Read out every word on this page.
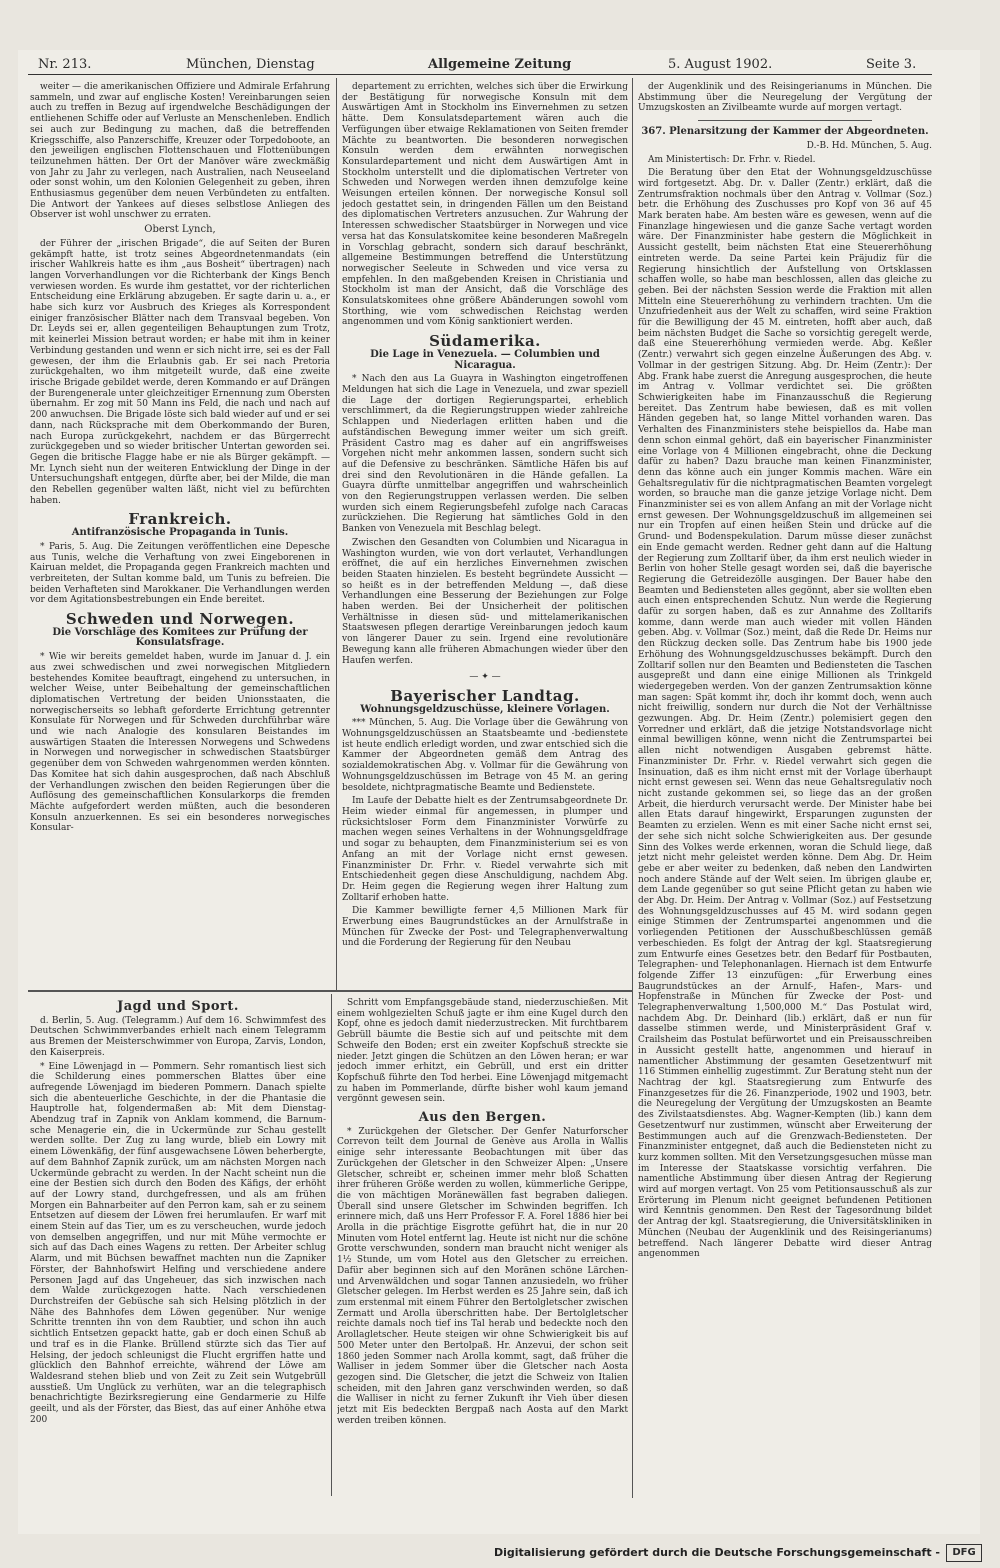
Nr. 213.	München, Dienstag	Allgemeine Zeitung	5. August 1902.	Seite 3.

weiter — die amerikanischen Offiziere und Admirale Erfahrung sammeln, und zwar auf englische Kosten! Vereinbarungen seien auch zu treffen in Bezug auf irgendwelche Beschädigungen der entliehenen Schiffe oder auf Verluste an Menschenleben. Endlich sei auch zur Bedingung zu machen, daß die betreffenden Kriegsschiffe, also Panzerschiffe, Kreuzer oder Torpedoboote, an den jeweiligen englischen Flottenschauen und Flottenübungen teilzunehmen hätten. Der Ort der Manöver wäre zweckmäßig von Jahr zu Jahr zu verlegen, nach Australien, nach Neuseeland oder sonst wohin, um den Kolonien Gelegenheit zu geben, ihren Enthusiasmus gegenüber dem neuen Verbündeten zu entfalten. Die Antwort der Yankees auf dieses selbstlose Anliegen des Observer ist wohl unschwer zu erraten.

Oberst Lynch,

der Führer der „irischen Brigade“, die auf Seiten der Buren gekämpft hatte, ist trotz seines Abgeordnetenmandats (ein irischer Wahlkreis hatte es ihm „aus Bosheit“ übertragen) nach langen Vorverhandlungen vor die Richterbank der Kings Bench verwiesen worden. Es wurde ihm gestattet, vor der richterlichen Entscheidung eine Erklärung abzugeben. Er sagte darin u. a., er habe sich kurz vor Ausbruch des Krieges als Korrespondent einiger französischer Blätter nach dem Transvaal begeben. Von Dr. Leyds sei er, allen gegenteiligen Behauptungen zum Trotz, mit keinerlei Mission betraut worden; er habe mit ihm in keiner Verbindung gestanden und wenn er sich nicht irre, sei es der Fall gewesen, der ihm die Erlaubnis gab. Er sei nach Pretoria zurückgehalten, wo ihm mitgeteilt wurde, daß eine zweite irische Brigade gebildet werde, deren Kommando er auf Drängen der Burengenerale unter gleichzeitiger Ernennung zum Obersten übernahm. Er zog mit 50 Mann ins Feld, die nach und nach auf 200 anwuchsen. Die Brigade löste sich bald wieder auf und er sei dann, nach Rücksprache mit dem Oberkommando der Buren, nach Europa zurückgekehrt, nachdem er das Bürgerrecht zurückgegeben und so wieder britischer Untertan geworden sei. Gegen die britische Flagge habe er nie als Bürger gekämpft. — Mr. Lynch sieht nun der weiteren Entwicklung der Dinge in der Untersuchungshaft entgegen, dürfte aber, bei der Milde, die man den Rebellen gegenüber walten läßt, nicht viel zu befürchten haben.

Frankreich.
Antifranzösische Propaganda in Tunis.

* Paris, 5. Aug. Die Zeitungen veröffentlichen eine Depesche aus Tunis, welche die Verhaftung von zwei Eingeborenen in Kairuan meldet, die Propaganda gegen Frankreich machten und verbreiteten, der Sultan komme bald, um Tunis zu befreien. Die beiden Verhafteten sind Marokkaner. Die Verhandlungen werden vor dem Agitationsbestrebungen ein Ende bereitet.

Schweden und Norwegen.
Die Vorschläge des Komitees zur Prüfung der Konsulatsfrage.

* Wie wir bereits gemeldet haben, wurde im Januar d. J. ein aus zwei schwedischen und zwei norwegischen Mitgliedern bestehendes Komitee beauftragt, eingehend zu untersuchen, in welcher Weise, unter Beibehaltung der gemeinschaftlichen diplomatischen Vertretung der beiden Unionsstaaten, die norwegischerseits so lebhaft geforderte Errichtung getrennter Konsulate für Norwegen und für Schweden durchführbar wäre und wie nach Analogie des konsularen Beistandes im auswärtigen Staaten die Interessen Norwegens und Schwedens in Norwegen und norwegischer in schwedischen Staatsbürger gegenüber dem von Schweden wahrgenommen werden könnten. Das Komitee hat sich dahin ausgesprochen, daß nach Abschluß der Verhandlungen zwischen den beiden Regierungen über die Auflösung des gemeinschaftlichen Konsularkorps die fremden Mächte aufgefordert werden müßten, auch die besonderen Konsuln anzuerkennen. Es sei ein besonderes norwegisches Konsular-

departement zu errichten, welches sich über die Erwirkung der Bestätigung für norwegische Konsuln mit dem Auswärtigen Amt in Stockholm ins Einvernehmen zu setzen hätte. Dem Konsulatsdepartement wären auch die Verfügungen über etwaige Reklamationen von Seiten fremder Mächte zu beantworten. Die besonderen norwegischen Konsuln werden dem erwähnten norwegischen Konsulardepartement und nicht dem Auswärtigen Amt in Stockholm unterstellt und die diplomatischen Vertreter von Schweden und Norwegen werden ihnen demzufolge keine Weisungen erteilen können. Der norwegische Konsul soll jedoch gestattet sein, in dringenden Fällen um den Beistand des diplomatischen Vertreters anzusuchen. Zur Wahrung der Interessen schwedischer Staatsbürger in Norwegen und vice versa hat das Konsulatskomitee keine besonderen Maßregeln in Vorschlag gebracht, sondern sich darauf beschränkt, allgemeine Bestimmungen betreffend die Unterstützung norwegischer Seeleute in Schweden und vice versa zu empfehlen. In den maßgebenden Kreisen in Christiania und Stockholm ist man der Ansicht, daß die Vorschläge des Konsulatskomitees ohne größere Abänderungen sowohl vom Storthing, wie vom schwedischen Reichstag werden angenommen und vom König sanktioniert werden.

Südamerika.
Die Lage in Venezuela. — Columbien und Nicaragua.

* Nach den aus La Guayra in Washington eingetroffenen Meldungen hat sich die Lage in Venezuela, und zwar speziell die Lage der dortigen Regierungspartei, erheblich verschlimmert, da die Regierungstruppen wieder zahlreiche Schlappen und Niederlagen erlitten haben und die aufständischen Bewegung immer weiter um sich greift. Präsident Castro mag es daher auf ein angriffsweises Vorgehen nicht mehr ankommen lassen, sondern sucht sich auf die Defensive zu beschränken. Sämtliche Häfen bis auf drei sind den Revolutionären in die Hände gefallen. La Guayra dürfte unmittelbar angegriffen und wahrscheinlich von den Regierungstruppen verlassen werden. Die selben wurden sich einem Regierungsbefehl zufolge nach Caracas zurückziehen. Die Regierung hat sämtliches Gold in den Banken von Venezuela mit Beschlag belegt.

Zwischen den Gesandten von Columbien und Nicaragua in Washington wurden, wie von dort verlautet, Verhandlungen eröffnet, die auf ein herzliches Einvernehmen zwischen beiden Staaten hinzielen. Es besteht begründete Aussicht — so heißt es in der betreffenden Meldung —, daß diese Verhandlungen eine Besserung der Beziehungen zur Folge haben werden. Bei der Unsicherheit der politischen Verhältnisse in diesen süd- und mittelamerikanischen Staatswesen pflegen derartige Vereinbarungen jedoch kaum von längerer Dauer zu sein. Irgend eine revolutionäre Bewegung kann alle früheren Abmachungen wieder über den Haufen werfen.

— ✦ —
Bayerischer Landtag.
Wohnungsgeldzuschüsse, kleinere Vorlagen.

*** München, 5. Aug. Die Vorlage über die Gewährung von Wohnungsgeldzuschüssen an Staatsbeamte und -bedienstete ist heute endlich erledigt worden, und zwar entschied sich die Kammer der Abgeordneten gemäß dem Antrag des sozialdemokratischen Abg. v. Vollmar für die Gewährung von Wohnungsgeldzuschüssen im Betrage von 45 M. an gering besoldete, nichtpragmatische Beamte und Bedienstete.

Im Laufe der Debatte hielt es der Zentrumsabgeordnete Dr. Heim wieder einmal für angemessen, in plumper und rücksichtsloser Form dem Finanzminister Vorwürfe zu machen wegen seines Verhaltens in der Wohnungsgeldfrage und sogar zu behaupten, dem Finanzministerium sei es von Anfang an mit der Vorlage nicht ernst gewesen. Finanzminister Dr. Frhr. v. Riedel verwahrte sich mit Entschiedenheit gegen diese Anschuldigung, nachdem Abg. Dr. Heim gegen die Regierung wegen ihrer Haltung zum Zolltarif erhoben hatte.

Die Kammer bewilligte ferner 4,5 Millionen Mark für Erwerbung eines Baugrundstückes an der Arnulfstraße in München für Zwecke der Post- und Telegraphenverwaltung und die Forderung der Regierung für den Neubau

der Augenklinik und des Reisingerianums in München. Die Abstimmung über die Neuregelung der Vergütung der Umzugskosten an Zivilbeamte wurde auf morgen vertagt.

367. Plenarsitzung der Kammer der Abgeordneten.
D.-B. Hd. München, 5. Aug.

Am Ministertisch: Dr. Frhr. v. Riedel.

Die Beratung über den Etat der Wohnungsgeldzuschüsse wird fortgesetzt. Abg. Dr. v. Daller (Zentr.) erklärt, daß die Zentrumsfraktion nochmals über den Antrag v. Vollmar (Soz.) betr. die Erhöhung des Zuschusses pro Kopf von 36 auf 45 Mark beraten habe. Am besten wäre es gewesen, wenn auf die Finanzlage hingewiesen und die ganze Sache vertagt worden wäre. Der Finanzminister habe gestern die Möglichkeit in Aussicht gestellt, beim nächsten Etat eine Steuererhöhung eintreten werde. Da seine Partei kein Präjudiz für die Regierung hinsichtlich der Aufstellung von Ortsklassen schaffen wolle, so habe man beschlossen, allen das gleiche zu geben. Bei der nächsten Session werde die Fraktion mit allen Mitteln eine Steuererhöhung zu verhindern trachten. Um die Unzufriedenheit aus der Welt zu schaffen, wird seine Fraktion für die Bewilligung der 45 M. eintreten, hofft aber auch, daß beim nächsten Budget die Sache so vorsichtig geregelt werde, daß eine Steuererhöhung vermieden werde. Abg. Keßler (Zentr.) verwahrt sich gegen einzelne Äußerungen des Abg. v. Vollmar in der gestrigen Sitzung. Abg. Dr. Heim (Zentr.): Der Abg. Frank habe zuerst die Anregung ausgesprochen, die heute im Antrag v. Vollmar verdichtet sei. Die größten Schwierigkeiten habe im Finanzausschuß die Regierung bereitet. Das Zentrum habe bewiesen, daß es mit vollen Händen gegeben hat, so lange Mittel vorhanden waren. Das Verhalten des Finanzministers stehe beispiellos da. Habe man denn schon einmal gehört, daß ein bayerischer Finanzminister eine Vorlage von 4 Millionen eingebracht, ohne die Deckung dafür zu haben? Dazu brauche man keinen Finanzminister, denn das könne auch ein junger Kommis machen. Wäre ein Gehaltsregulativ für die nichtpragmatischen Beamten vorgelegt worden, so brauche man die ganze jetzige Vorlage nicht. Dem Finanzminister sei es von allem Anfang an mit der Vorlage nicht ernst gewesen. Der Wohnungsgeldzuschuß im allgemeinen sei nur ein Tropfen auf einen heißen Stein und drücke auf die Grund- und Bodenspekulation. Darum müsse dieser zunächst ein Ende gemacht werden. Redner geht dann auf die Haltung der Regierung zum Zolltarif über, da ihm erst neulich wieder in Berlin von hoher Stelle gesagt worden sei, daß die bayerische Regierung die Getreidezölle ausgingen. Der Bauer habe den Beamten und Bediensteten alles gegönnt, aber sie wollten eben auch einen entsprechenden Schutz. Nun werde die Regierung dafür zu sorgen haben, daß es zur Annahme des Zolltarifs komme, dann werde man auch wieder mit vollen Händen geben. Abg. v. Vollmar (Soz.) meint, daß die Rede Dr. Heims nur den Rückzug decken solle. Das Zentrum habe bis 1900 jede Erhöhung des Wohnungsgeldzuschusses bekämpft. Durch den Zolltarif sollen nur den Beamten und Bediensteten die Taschen ausgepreßt und dann eine einige Millionen als Trinkgeld wiedergegeben werden. Von der ganzen Zentrumsaktion könne man sagen: Spät kommt ihr, doch ihr kommt doch, wenn auch nicht freiwillig, sondern nur durch die Not der Verhältnisse gezwungen. Abg. Dr. Heim (Zentr.) polemisiert gegen den Vorredner und erklärt, daß die jetzige Notstandsvorlage nicht einmal bewilligen könne, wenn nicht die Zentrumspartei bei allen nicht notwendigen Ausgaben gebremst hätte. Finanzminister Dr. Frhr. v. Riedel verwahrt sich gegen die Insinuation, daß es ihm nicht ernst mit der Vorlage überhaupt nicht ernst gewesen sei. Wenn das neue Gehaltsregulativ noch nicht zustande gekommen sei, so liege das an der großen Arbeit, die hierdurch verursacht werde. Der Minister habe bei allen Etats darauf hingewirkt, Ersparungen zugunsten der Beamten zu erzielen. Wenn es mit einer Sache nicht ernst sei, der sehe sich nicht solche Schwierigkeiten aus. Der gesunde Sinn des Volkes werde erkennen, woran die Schuld liege, daß jetzt nicht mehr geleistet werden könne. Dem Abg. Dr. Heim gebe er aber weiter zu bedenken, daß neben den Landwirten noch andere Stände auf der Welt seien. Im übrigen glaube er, dem Lande gegenüber so gut seine Pflicht getan zu haben wie der Abg. Dr. Heim. Der Antrag v. Vollmar (Soz.) auf Festsetzung des Wohnungsgeldzuschusses auf 45 M. wird sodann gegen einige Stimmen der Zentrumspartei angenommen und die vorliegenden Petitionen der Ausschußbeschlüssen gemäß verbeschieden. Es folgt der Antrag der kgl. Staatsregierung zum Entwurfe eines Gesetzes betr. den Bedarf für Postbauten, Telegraphen- und Telephonanlagen. Hiernach ist dem Entwurfe folgende Ziffer 13 einzufügen: „für Erwerbung eines Baugrundstückes an der Arnulf-, Hafen-, Mars- und Hopfenstraße in München für Zwecke der Post- und Telegraphenverwaltung 1,500,000 M.“ Das Postulat wird, nachdem Abg. Dr. Deinhard (lib.) erklärt, daß er nun für dasselbe stimmen werde, und Ministerpräsident Graf v. Crailsheim das Postulat befürwortet und ein Preisausschreiben in Aussicht gestellt hatte, angenommen und hierauf in namentlicher Abstimmung der gesamten Gesetzentwurf mit 116 Stimmen einhellig zugestimmt. Zur Beratung steht nun der Nachtrag der kgl. Staatsregierung zum Entwurfe des Finanzgesetzes für die 26. Finanzperiode, 1902 und 1903, betr. die Neuregelung der Vergütung der Umzugskosten an Beamte des Zivilstaatsdienstes. Abg. Wagner-Kempten (lib.) kann dem Gesetzentwurf nur zustimmen, wünscht aber Erweiterung der Bestimmungen auch auf die Grenzwach-Bediensteten. Der Finanzminister entgegnet, daß auch die Bediensteten nicht zu kurz kommen sollten. Mit den Versetzungsgesuchen müsse man im Interesse der Staatskasse vorsichtig verfahren. Die namentliche Abstimmung über diesen Antrag der Regierung wird auf morgen vertagt. Von 25 vom Petitionsausschuß als zur Erörterung im Plenum nicht geeignet befundenen Petitionen wird Kenntnis genommen. Den Rest der Tagesordnung bildet der Antrag der kgl. Staatsregierung, die Universitätskliniken in München (Neubau der Augenklinik und des Reisingerianums) betreffend. Nach längerer Debatte wird dieser Antrag angenommen

Jagd und Sport.

d. Berlin, 5. Aug. (Telegramm.) Auf dem 16. Schwimmfest des Deutschen Schwimmverbandes erhielt nach einem Telegramm aus Bremen der Meisterschwimmer von Europa, Zarvis, London, den Kaiserpreis.

* Eine Löwenjagd in — Pommern. Sehr romantisch liest sich die Schilderung eines pommerschen Blattes über eine aufregende Löwenjagd im biederen Pommern. Danach spielte sich die abenteuerliche Geschichte, in der die Phantasie die Hauptrolle hat, folgendermaßen ab: Mit dem Dienstag-Abendzug traf in Zapnik von Anklam kommend, die Barnum-sche Menagerie ein, die in Uckermünde zur Schau gestellt werden sollte. Der Zug zu lang wurde, blieb ein Lowry mit einem Löwenkäfig, der fünf ausgewachsene Löwen beherbergte, auf dem Bahnhof Zapnik zurück, um am nächsten Morgen nach Uckermünde gebracht zu werden. In der Nacht scheint nun die eine der Bestien sich durch den Boden des Käfigs, der erhöht auf der Lowry stand, durchgefressen, und als am frühen Morgen ein Bahnarbeiter auf den Perron kam, sah er zu seinem Entsetzen auf diesem der Löwen frei herumlaufen. Er warf mit einem Stein auf das Tier, um es zu verscheuchen, wurde jedoch von demselben angegriffen, und nur mit Mühe vermochte er sich auf das Dach eines Wagens zu retten. Der Arbeiter schlug Alarm, und mit Büchsen bewaffnet machten nun die Zapniker Förster, der Bahnhofswirt Helfing und verschiedene andere Personen Jagd auf das Ungeheuer, das sich inzwischen nach dem Walde zurückgezogen hatte. Nach verschiedenen Durchstreifen der Gebüsche sah sich Helsing plötzlich in der Nähe des Bahnhofes dem Löwen gegenüber. Nur wenige Schritte trennten ihn von dem Raubtier, und schon ihn auch sichtlich Entsetzen gepackt hatte, gab er doch einen Schuß ab und traf es in die Flanke. Brüllend stürzte sich das Tier auf Helsing, der jedoch schleunigst die Flucht ergriffen hatte und glücklich den Bahnhof erreichte, während der Löwe am Waldesrand stehen blieb und von Zeit zu Zeit sein Wutgebrüll ausstieß. Um Unglück zu verhüten, war an die telegraphisch benachrichtigte Bezirksregierung eine Gendarmerie zu Hilfe geeilt, und als der Förster, das Biest, das auf einer Anhöhe etwa 200

Schritt vom Empfangsgebäude stand, niederzuschießen. Mit einem wohlgezielten Schuß jagte er ihm eine Kugel durch den Kopf, ohne es jedoch damit niederzustrecken. Mit furchtbarem Gebrüll bäumte die Bestie sich auf und peitschte mit dem Schweife den Boden; erst ein zweiter Kopfschuß streckte sie nieder. Jetzt gingen die Schützen an den Löwen heran; er war jedoch immer erhitzt, ein Gebrüll, und erst ein dritter Kopfschuß führte den Tod herbei. Eine Löwenjagd mitgemacht zu haben im Pommerlande, dürfte bisher wohl kaum jemand vergönnt gewesen sein.

Aus den Bergen.

* Zurückgehen der Gletscher. Der Genfer Naturforscher Correvon teilt dem Journal de Genève aus Arolla in Wallis einige sehr interessante Beobachtungen mit über das Zurückgehen der Gletscher in den Schweizer Alpen: „Unsere Gletscher, schreibt er, scheinen immer mehr bloß Schatten ihrer früheren Größe werden zu wollen, kümmerliche Gerippe, die von mächtigen Moränewällen fast begraben daliegen. Überall sind unsere Gletscher im Schwinden begriffen. Ich erinnere mich, daß uns Herr Professor F. A. Forel 1886 hier bei Arolla in die prächtige Eisgrotte geführt hat, die in nur 20 Minuten vom Hotel entfernt lag. Heute ist nicht nur die schöne Grotte verschwunden, sondern man braucht nicht weniger als 1½ Stunde, um vom Hotel aus den Gletscher zu erreichen. Dafür aber beginnen sich auf den Moränen schöne Lärchen- und Arvenwäldchen und sogar Tannen anzusiedeln, wo früher Gletscher gelegen. Im Herbst werden es 25 Jahre sein, daß ich zum erstenmal mit einem Führer den Bertolgletscher zwischen Zermatt und Arolla überschritten habe. Der Bertolgletscher reichte damals noch tief ins Tal herab und bedeckte noch den Arollagletscher. Heute steigen wir ohne Schwierigkeit bis auf 500 Meter unter den Bertolpaß. Hr. Anzevui, der schon seit 1860 jeden Sommer nach Arolla kommt, sagt, daß früher die Walliser in jedem Sommer über die Gletscher nach Aosta gezogen sind. Die Gletscher, die jetzt die Schweiz von Italien scheiden, mit den Jahren ganz verschwinden werden, so daß die Walliser in nicht zu ferner Zukunft ihr Vieh über diesen jetzt mit Eis bedeckten Bergpaß nach Aosta auf den Markt werden treiben können.

Digitalisierung gefördert durch die Deutsche Forschungsgemeinschaft -	DFG
